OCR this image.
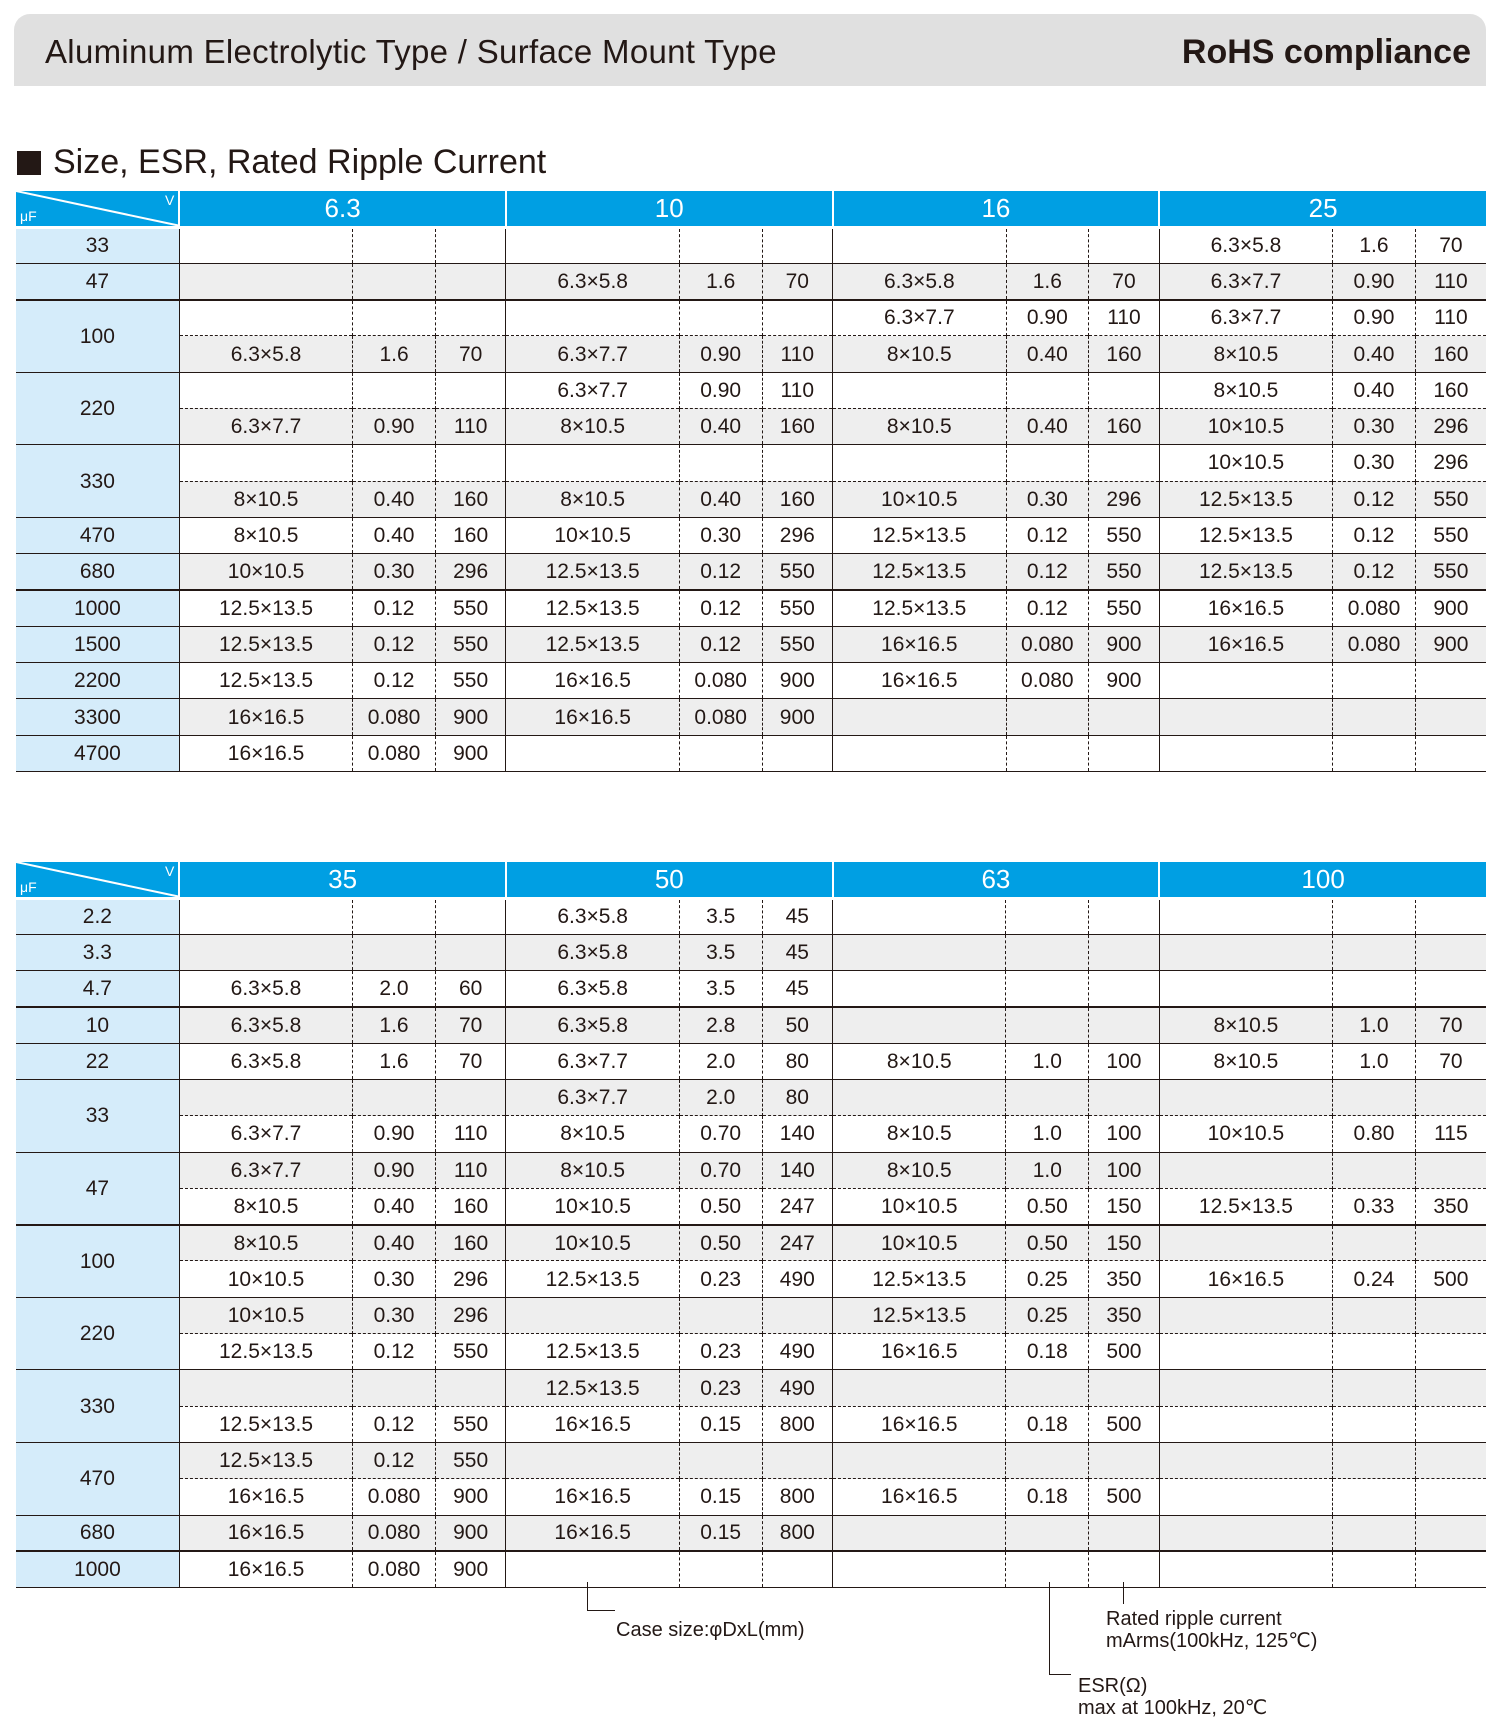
Aluminum Electrolytic Type / Surface Mount Type	RoHS compliance
Size, ESR, Rated Ripple Current
μF
V	6.3			10			16			25		
33										6.3×5.8	1.6	70
47				6.3×5.8	1.6	70	6.3×5.8	1.6	70	6.3×7.7	0.90	110
100							6.3×7.7	0.90	110	6.3×7.7	0.90	110
	6.3×5.8	1.6	70	6.3×7.7	0.90	110	8×10.5	0.40	160	8×10.5	0.40	160
220				6.3×7.7	0.90	110				8×10.5	0.40	160
	6.3×7.7	0.90	110	8×10.5	0.40	160	8×10.5	0.40	160	10×10.5	0.30	296
330										10×10.5	0.30	296
	8×10.5	0.40	160	8×10.5	0.40	160	10×10.5	0.30	296	12.5×13.5	0.12	550
470	8×10.5	0.40	160	10×10.5	0.30	296	12.5×13.5	0.12	550	12.5×13.5	0.12	550
680	10×10.5	0.30	296	12.5×13.5	0.12	550	12.5×13.5	0.12	550	12.5×13.5	0.12	550
1000	12.5×13.5	0.12	550	12.5×13.5	0.12	550	12.5×13.5	0.12	550	16×16.5	0.080	900
1500	12.5×13.5	0.12	550	12.5×13.5	0.12	550	16×16.5	0.080	900	16×16.5	0.080	900
2200	12.5×13.5	0.12	550	16×16.5	0.080	900	16×16.5	0.080	900			
3300	16×16.5	0.080	900	16×16.5	0.080	900						
4700	16×16.5	0.080	900									
μF
V	35			50			63			100		
2.2				6.3×5.8	3.5	45						
3.3				6.3×5.8	3.5	45						
4.7	6.3×5.8	2.0	60	6.3×5.8	3.5	45						
10	6.3×5.8	1.6	70	6.3×5.8	2.8	50				8×10.5	1.0	70
22	6.3×5.8	1.6	70	6.3×7.7	2.0	80	8×10.5	1.0	100	8×10.5	1.0	70
33				6.3×7.7	2.0	80						
	6.3×7.7	0.90	110	8×10.5	0.70	140	8×10.5	1.0	100	10×10.5	0.80	115
47	6.3×7.7	0.90	110	8×10.5	0.70	140	8×10.5	1.0	100			
	8×10.5	0.40	160	10×10.5	0.50	247	10×10.5	0.50	150	12.5×13.5	0.33	350
100	8×10.5	0.40	160	10×10.5	0.50	247	10×10.5	0.50	150			
	10×10.5	0.30	296	12.5×13.5	0.23	490	12.5×13.5	0.25	350	16×16.5	0.24	500
220	10×10.5	0.30	296				12.5×13.5	0.25	350			
	12.5×13.5	0.12	550	12.5×13.5	0.23	490	16×16.5	0.18	500			
330				12.5×13.5	0.23	490						
	12.5×13.5	0.12	550	16×16.5	0.15	800	16×16.5	0.18	500			
470	12.5×13.5	0.12	550									
	16×16.5	0.080	900	16×16.5	0.15	800	16×16.5	0.18	500			
680	16×16.5	0.080	900	16×16.5	0.15	800						
1000	16×16.5	0.080	900									
Case size:φDxL(mm)	Rated ripple current
mArms(100kHz, 125℃)
ESR(Ω)
max at 100kHz, 20℃
